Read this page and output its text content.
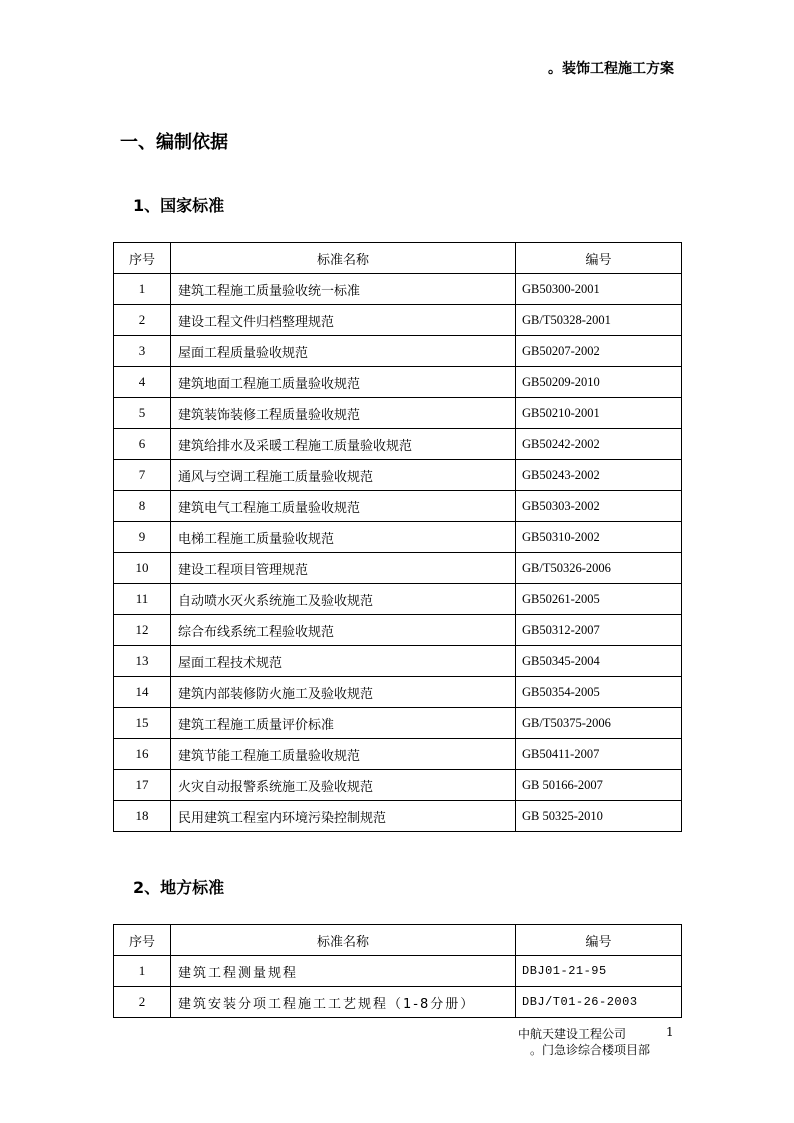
。装饰工程施工方案
一、编制依据
1、国家标准
序号	标准名称	编号
1	建筑工程施工质量验收统一标准	GB50300-2001
2	建设工程文件归档整理规范	GB/T50328-2001
3	屋面工程质量验收规范	GB50207-2002
4	建筑地面工程施工质量验收规范	GB50209-2010
5	建筑装饰装修工程质量验收规范	GB50210-2001
6	建筑给排水及采暖工程施工质量验收规范	GB50242-2002
7	通风与空调工程施工质量验收规范	GB50243-2002
8	建筑电气工程施工质量验收规范	GB50303-2002
9	电梯工程施工质量验收规范	GB50310-2002
10	建设工程项目管理规范	GB/T50326-2006
11	自动喷水灭火系统施工及验收规范	GB50261-2005
12	综合布线系统工程验收规范	GB50312-2007
13	屋面工程技术规范	GB50345-2004
14	建筑内部装修防火施工及验收规范	GB50354-2005
15	建筑工程施工质量评价标准	GB/T50375-2006
16	建筑节能工程施工质量验收规范	GB50411-2007
17	火灾自动报警系统施工及验收规范	GB 50166-2007
18	民用建筑工程室内环境污染控制规范	GB 50325-2010
2、地方标准
序号	标准名称	编号
1	建筑工程测量规程	DBJ01-21-95
2	建筑安装分项工程施工工艺规程（1-8分册）	DBJ/T01-26-2003
中航天建设工程公司	1
。门急诊综合楼项目部
